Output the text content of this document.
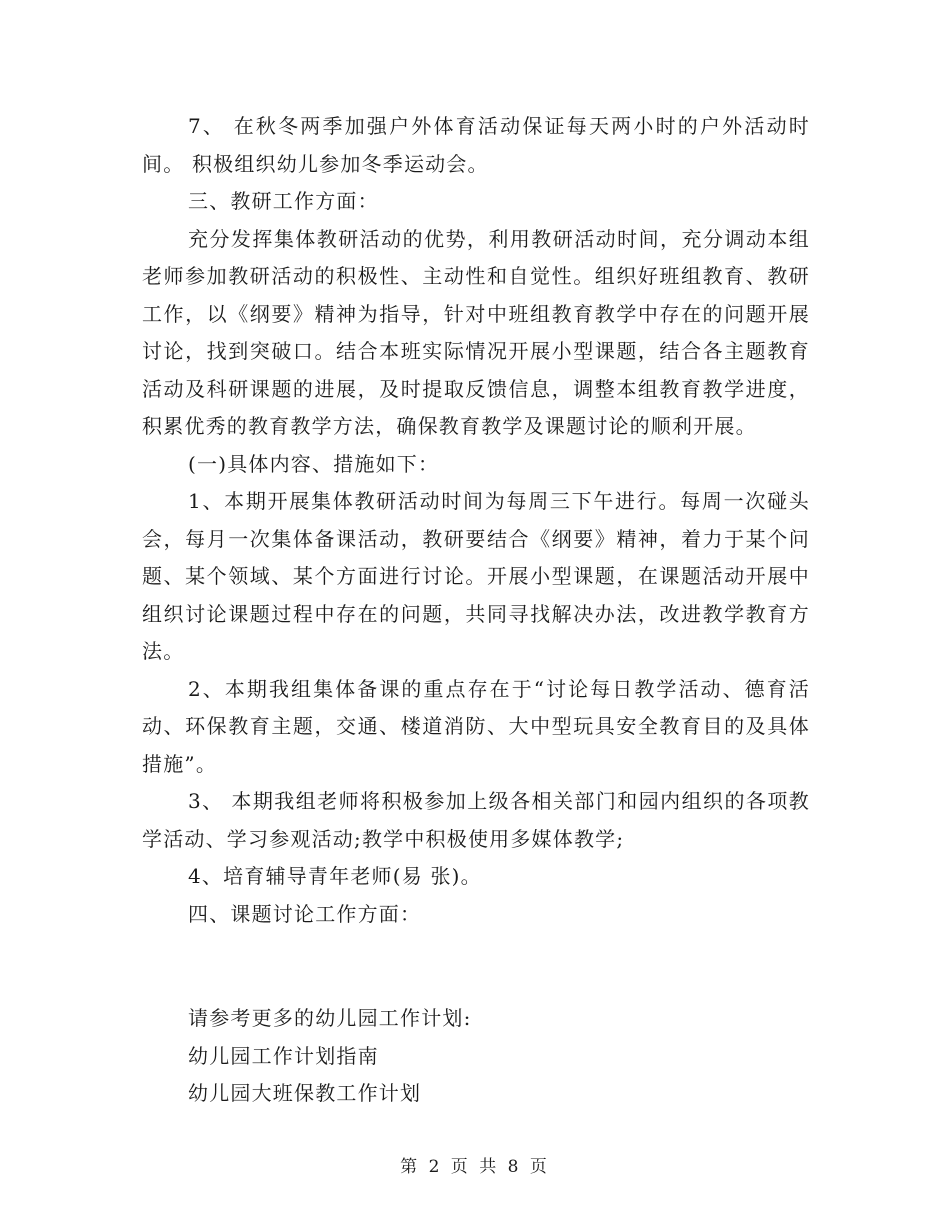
7、 在秋冬两季加强户外体育活动保证每天两小时的户外活动时间。 积极组织幼儿参加冬季运动会。

三、教研工作方面：

充分发挥集体教研活动的优势，利用教研活动时间，充分调动本组老师参加教研活动的积极性、主动性和自觉性。组织好班组教育、教研工作，以《纲要》精神为指导，针对中班组教育教学中存在的问题开展讨论，找到突破口。结合本班实际情况开展小型课题，结合各主题教育活动及科研课题的进展，及时提取反馈信息，调整本组教育教学进度，积累优秀的教育教学方法，确保教育教学及课题讨论的顺利开展。

(一)具体内容、措施如下：

1、本期开展集体教研活动时间为每周三下午进行。每周一次碰头会，每月一次集体备课活动，教研要结合《纲要》精神，着力于某个问题、某个领域、某个方面进行讨论。开展小型课题，在课题活动开展中组织讨论课题过程中存在的问题，共同寻找解决办法，改进教学教育方法。

2、本期我组集体备课的重点存在于“讨论每日教学活动、德育活动、环保教育主题，交通、楼道消防、大中型玩具安全教育目的及具体措施”。

3、 本期我组老师将积极参加上级各相关部门和园内组织的各项教学活动、学习参观活动;教学中积极使用多媒体教学;

4、培育辅导青年老师(易 张)。

四、课题讨论工作方面：

请参考更多的幼儿园工作计划:

幼儿园工作计划指南

幼儿园大班保教工作计划

第 2 页 共 8 页
